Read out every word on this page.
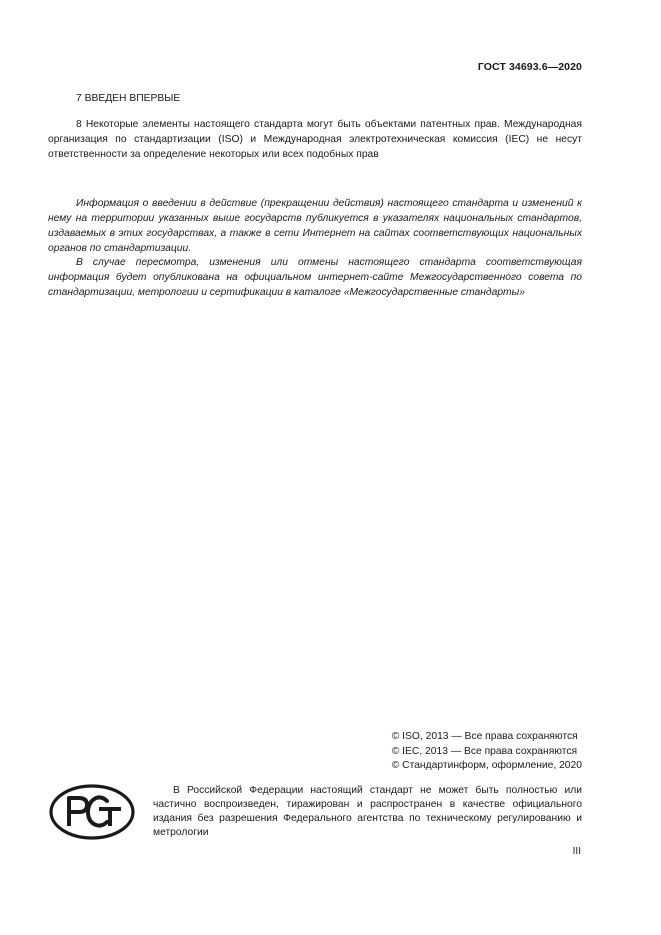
ГОСТ 34693.6—2020

7 ВВЕДЕН ВПЕРВЫЕ

8 Некоторые элементы настоящего стандарта могут быть объектами патентных прав. Международная организация по стандартизации (ISO) и Международная электротехническая комиссия (IEC) не несут ответственности за определение некоторых или всех подобных прав

Информация о введении в действие (прекращении действия) настоящего стандарта и изменений к нему на территории указанных выше государств публикуется в указателях национальных стандартов, издаваемых в этих государствах, а также в сети Интернет на сайтах соответствующих национальных органов по стандартизации.

В случае пересмотра, изменения или отмены настоящего стандарта соответствующая информация будет опубликована на официальном интернет-сайте Межгосударственного совета по стандартизации, метрологии и сертификации в каталоге «Межгосударственные стандарты»

© ISO, 2013 — Все права сохраняются
© IEC, 2013 — Все права сохраняются
© Стандартинформ, оформление, 2020
В Российской Федерации настоящий стандарт не может быть полностью или частично воспроизведен, тиражирован и распространен в качестве официального издания без разрешения Федерального агентства по техническому регулированию и метрологии
III
